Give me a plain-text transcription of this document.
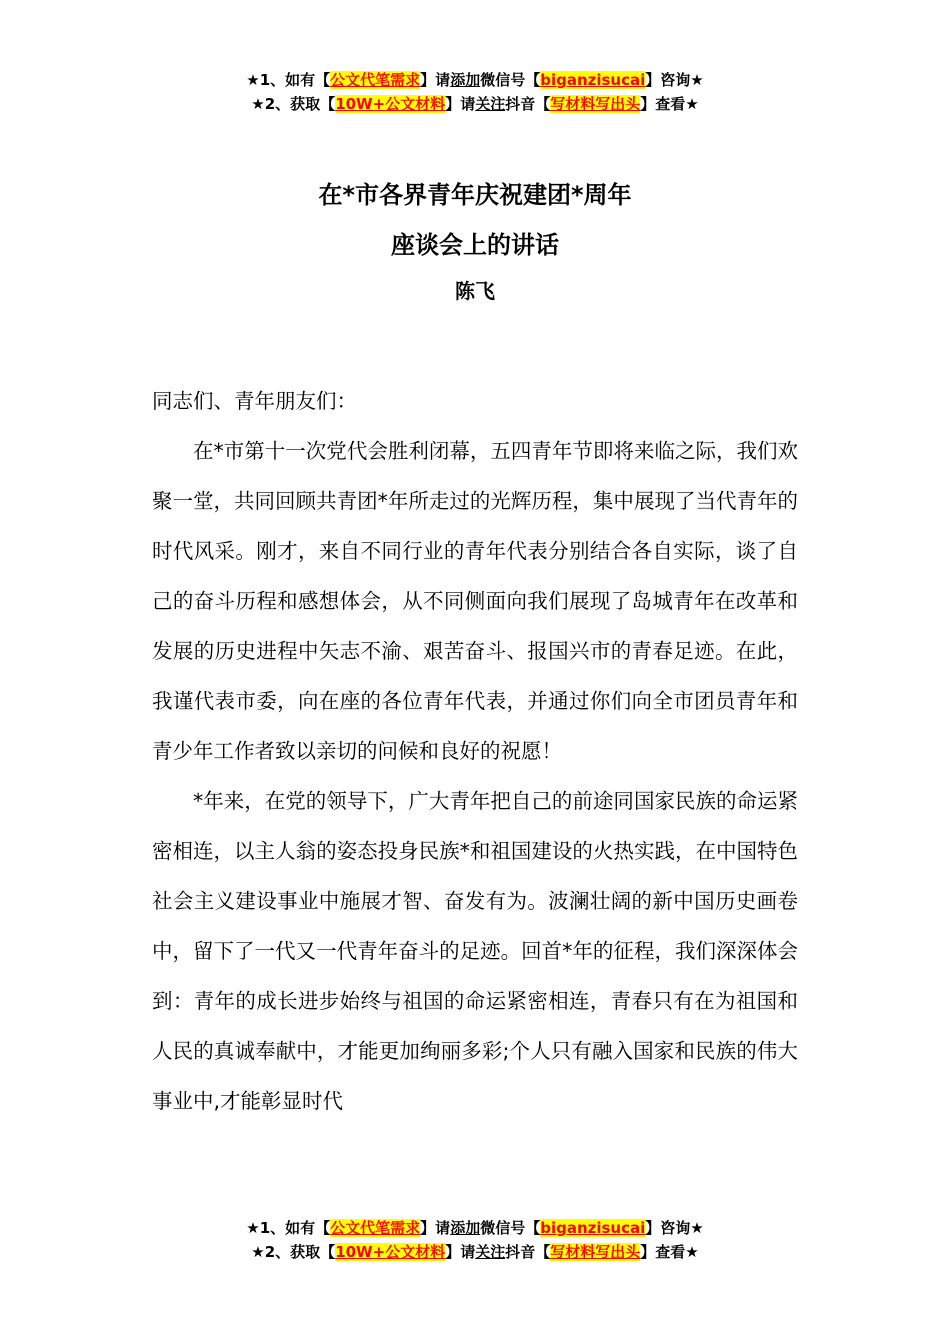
★1、如有【公文代笔需求】请添加微信号【biganzisucai】咨询★
★2、获取【10W+公文材料】请关注抖音【写材料写出头】查看★
在*市各界青年庆祝建团*周年
座谈会上的讲话
陈飞

同志们、青年朋友们：

在*市第十一次党代会胜利闭幕，五四青年节即将来临之际，我们欢聚一堂，共同回顾共青团*年所走过的光辉历程，集中展现了当代青年的时代风采。刚才，来自不同行业的青年代表分别结合各自实际，谈了自己的奋斗历程和感想体会，从不同侧面向我们展现了岛城青年在改革和发展的历史进程中矢志不渝、艰苦奋斗、报国兴市的青春足迹。在此，我谨代表市委，向在座的各位青年代表，并通过你们向全市团员青年和青少年工作者致以亲切的问候和良好的祝愿！

*年来，在党的领导下，广大青年把自己的前途同国家民族的命运紧密相连，以主人翁的姿态投身民族*和祖国建设的火热实践，在中国特色社会主义建设事业中施展才智、奋发有为。波澜壮阔的新中国历史画卷中，留下了一代又一代青年奋斗的足迹。回首*年的征程，我们深深体会到：青年的成长进步始终与祖国的命运紧密相连，青春只有在为祖国和人民的真诚奉献中，才能更加绚丽多彩;个人只有融入国家和民族的伟大事业中,才能彰显时代

★1、如有【公文代笔需求】请添加微信号【biganzisucai】咨询★
★2、获取【10W+公文材料】请关注抖音【写材料写出头】查看★
